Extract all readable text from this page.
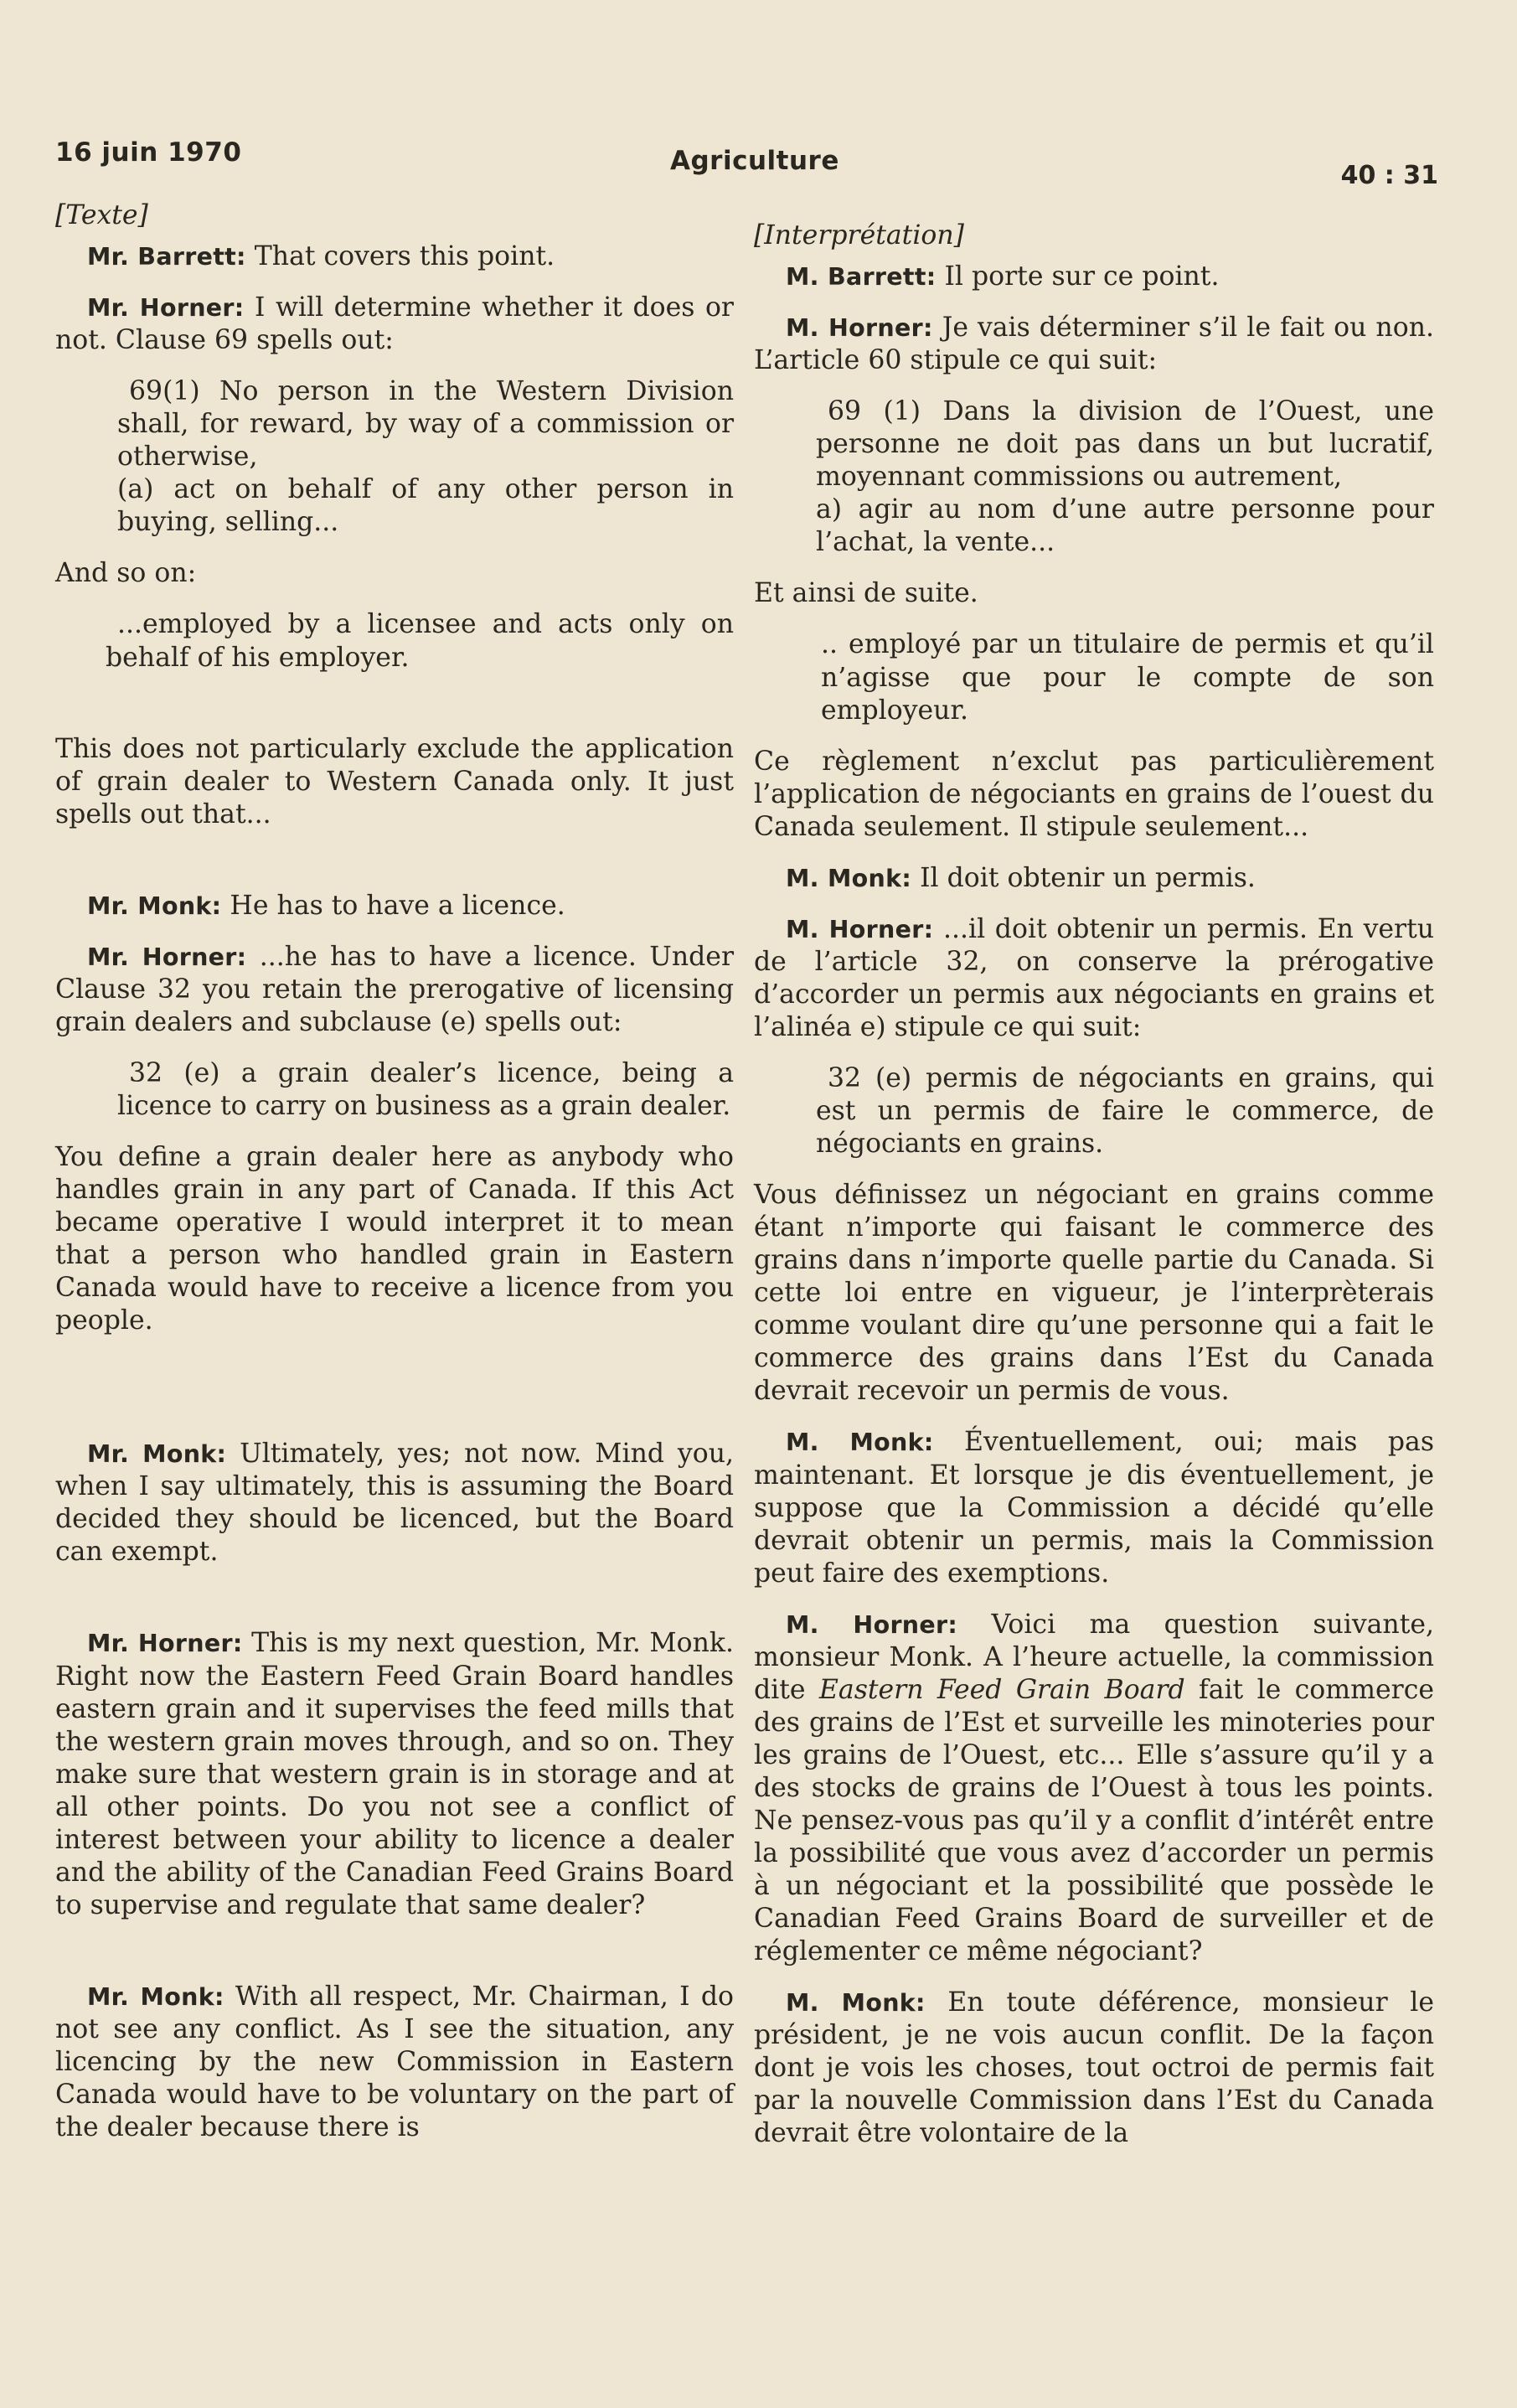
16 juin 1970	Agriculture	40 : 31

[Texte]

Mr. Barrett: That covers this point.

Mr. Horner: I will determine whether it does or not. Clause 69 spells out:

69(1) No person in the Western Division shall, for reward, by way of a commission or otherwise,

(a) act on behalf of any other person in buying, selling...

And so on:

...employed by a licensee and acts only on behalf of his employer.

This does not particularly exclude the application of grain dealer to Western Canada only. It just spells out that...

Mr. Monk: He has to have a licence.

Mr. Horner: ...he has to have a licence. Under Clause 32 you retain the prerogative of licensing grain dealers and subclause (e) spells out:

32 (e) a grain dealer’s licence, being a licence to carry on business as a grain dealer.

You define a grain dealer here as anybody who handles grain in any part of Canada. If this Act became operative I would interpret it to mean that a person who handled grain in Eastern Canada would have to receive a licence from you people.

Mr. Monk: Ultimately, yes; not now. Mind you, when I say ultimately, this is assuming the Board decided they should be licenced, but the Board can exempt.

Mr. Horner: This is my next question, Mr. Monk. Right now the Eastern Feed Grain Board handles eastern grain and it supervises the feed mills that the western grain moves through, and so on. They make sure that western grain is in storage and at all other points. Do you not see a conflict of interest between your ability to licence a dealer and the ability of the Canadian Feed Grains Board to supervise and regulate that same dealer?

Mr. Monk: With all respect, Mr. Chairman, I do not see any conflict. As I see the situation, any licencing by the new Commission in Eastern Canada would have to be voluntary on the part of the dealer because there is

[Interprétation]

M. Barrett: Il porte sur ce point.

M. Horner: Je vais déterminer s’il le fait ou non. L’article 60 stipule ce qui suit:

69 (1) Dans la division de l’Ouest, une personne ne doit pas dans un but lucratif, moyennant commissions ou autrement,

a) agir au nom d’une autre personne pour l’achat, la vente...

Et ainsi de suite.

.. employé par un titulaire de permis et qu’il n’agisse que pour le compte de son employeur.

Ce règlement n’exclut pas particulièrement l’application de négociants en grains de l’ouest du Canada seulement. Il stipule seulement...

M. Monk: Il doit obtenir un permis.

M. Horner: ...il doit obtenir un permis. En vertu de l’article 32, on conserve la prérogative d’accorder un permis aux négociants en grains et l’alinéa e) stipule ce qui suit:

32 (e) permis de négociants en grains, qui est un permis de faire le commerce, de négociants en grains.

Vous définissez un négociant en grains comme étant n’importe qui faisant le commerce des grains dans n’importe quelle partie du Canada. Si cette loi entre en vigueur, je l’interprèterais comme voulant dire qu’une personne qui a fait le commerce des grains dans l’Est du Canada devrait recevoir un permis de vous.

M. Monk: Éventuellement, oui; mais pas maintenant. Et lorsque je dis éventuellement, je suppose que la Commission a décidé qu’elle devrait obtenir un permis, mais la Commission peut faire des exemptions.

M. Horner: Voici ma question suivante, monsieur Monk. A l’heure actuelle, la commission dite Eastern Feed Grain Board fait le commerce des grains de l’Est et surveille les minoteries pour les grains de l’Ouest, etc... Elle s’assure qu’il y a des stocks de grains de l’Ouest à tous les points. Ne pensez-vous pas qu’il y a conflit d’intérêt entre la possibilité que vous avez d’accorder un permis à un négociant et la possibilité que possède le Canadian Feed Grains Board de surveiller et de réglementer ce même négociant?

M. Monk: En toute déférence, monsieur le président, je ne vois aucun conflit. De la façon dont je vois les choses, tout octroi de permis fait par la nouvelle Commission dans l’Est du Canada devrait être volontaire de la
